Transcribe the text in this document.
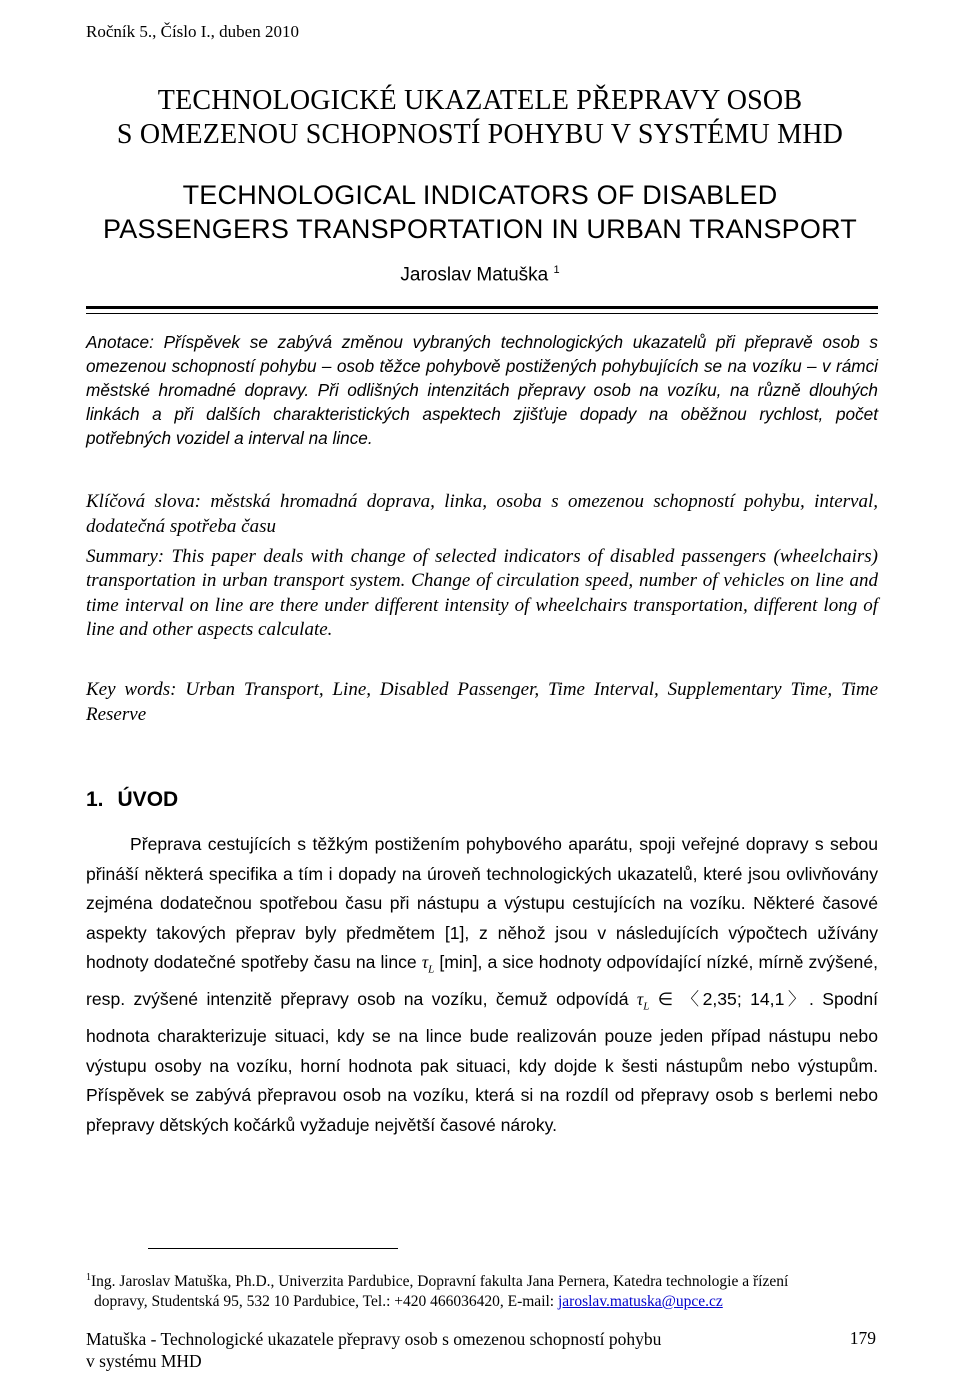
Ročník 5., Číslo I., duben 2010
TECHNOLOGICKÉ UKAZATELE PŘEPRAVY OSOB
S OMEZENOU SCHOPNOSTÍ POHYBU V SYSTÉMU MHD
TECHNOLOGICAL INDICATORS OF DISABLED
PASSENGERS TRANSPORTATION IN URBAN TRANSPORT
Jaroslav Matuška $^1$
Anotace: Příspěvek se zabývá změnou vybraných technologických ukazatelů při přepravě osob s omezenou schopností pohybu – osob těžce pohybově postižených pohybujících se na vozíku – v rámci městské hromadné dopravy. Při odlišných intenzitách přepravy osob na vozíku, na různě dlouhých linkách a při dalších charakteristických aspektech zjišťuje dopady na oběžnou rychlost, počet potřebných vozidel a interval na lince.
Klíčová slova: městská hromadná doprava, linka, osoba s omezenou schopností pohybu, interval, dodatečná spotřeba času
Summary: This paper deals with change of selected indicators of disabled passengers (wheelchairs) transportation in urban transport system. Change of circulation speed, number of vehicles on line and time interval on line are there under different intensity of wheelchairs transportation, different long of line and other aspects calculate.
Key words: Urban Transport, Line, Disabled Passenger, Time Interval, Supplementary Time, Time Reserve
1. ÚVOD
Přeprava cestujících s těžkým postižením pohybového aparátu, spoji veřejné dopravy s sebou přináší některá specifika a tím i dopady na úroveň technologických ukazatelů, které jsou ovlivňovány zejména dodatečnou spotřebou času při nástupu a výstupu cestujících na vozíku. Některé časové aspekty takových přeprav byly předmětem [1], z něhož jsou v následujících výpočtech užívány hodnoty dodatečné spotřeby času na lince $\tau_L$ [min], a sice hodnoty odpovídající nízké, mírně zvýšené, resp. zvýšené intenzitě přepravy osob na vozíku, čemuž odpovídá $\tau_L$ ∈ 〈2,35; 14,1〉. Spodní hodnota charakterizuje situaci, kdy se na lince bude realizován pouze jeden případ nástupu nebo výstupu osoby na vozíku, horní hodnota pak situaci, kdy dojde k šesti nástupům nebo výstupům. Příspěvek se zabývá přepravou osob na vozíku, která si na rozdíl od přepravy osob s berlemi nebo přepravy dětských kočárků vyžaduje největší časové nároky.
$^1$Ing. Jaroslav Matuška, Ph.D., Univerzita Pardubice, Dopravní fakulta Jana Pernera, Katedra technologie a řízení
dopravy, Studentská 95, 532 10 Pardubice, Tel.: +420 466036420, E-mail: jaroslav.matuska@upce.cz
Matuška - Technologické ukazatele přepravy osob s omezenou schopností pohybu
v systému MHD
179
